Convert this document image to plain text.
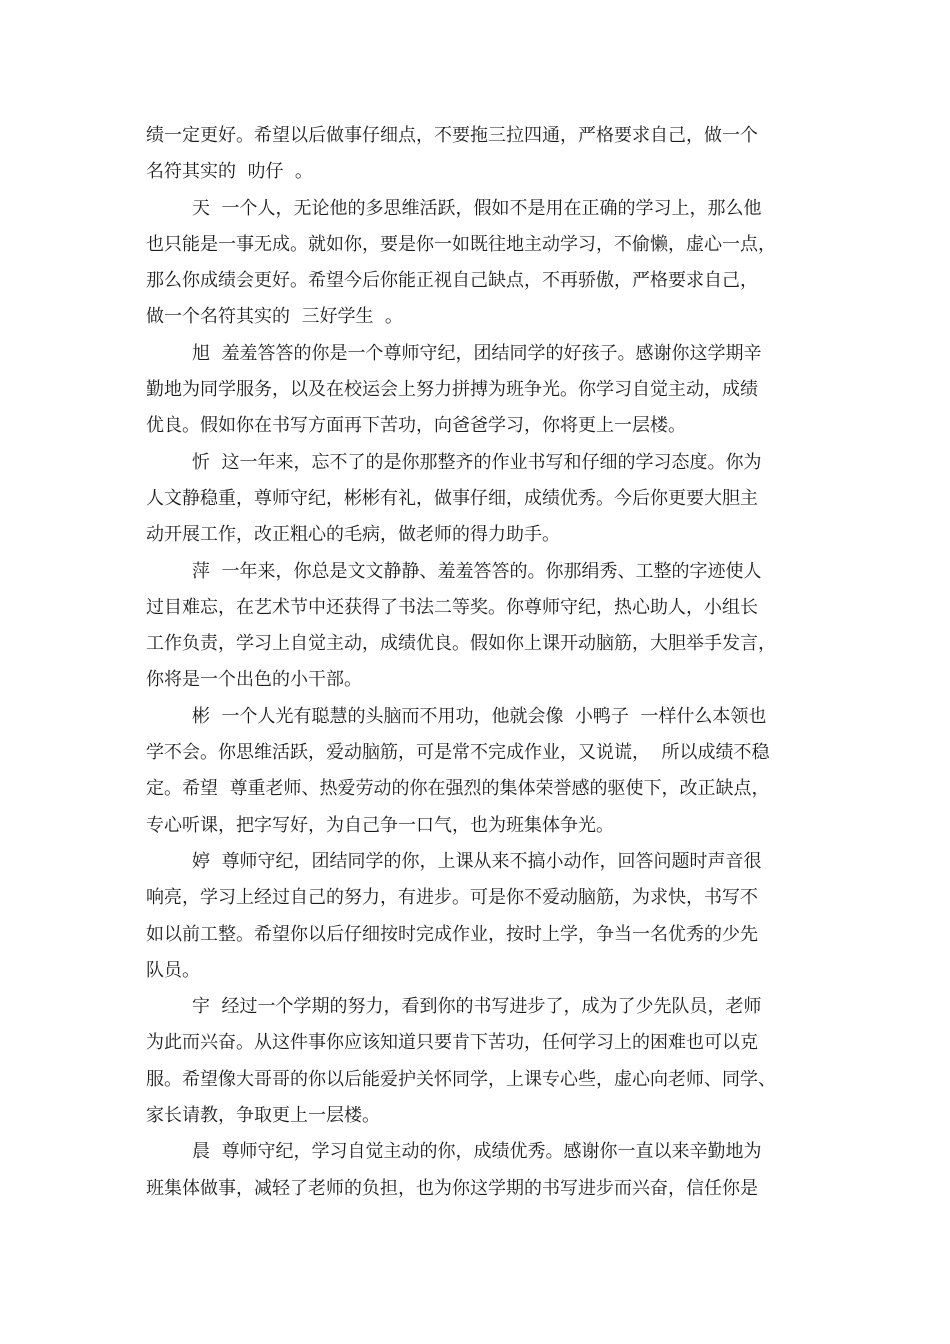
绩一定更好。希望以后做事仔细点，不要拖三拉四通，严格要求自己，做一个
名符其实的  叻仔  。

天  一个人，无论他的多思维活跃，假如不是用在正确的学习上，那么他
也只能是一事无成。就如你，要是你一如既往地主动学习，不偷懒，虚心一点，
那么你成绩会更好。希望今后你能正视自己缺点，不再骄傲，严格要求自己，
做一个名符其实的  三好学生  。

旭  羞羞答答的你是一个尊师守纪，团结同学的好孩子。感谢你这学期辛
勤地为同学服务，以及在校运会上努力拼搏为班争光。你学习自觉主动，成绩
优良。假如你在书写方面再下苦功，向爸爸学习，你将更上一层楼。

忻  这一年来，忘不了的是你那整齐的作业书写和仔细的学习态度。你为
人文静稳重，尊师守纪，彬彬有礼，做事仔细，成绩优秀。今后你更要大胆主
动开展工作，改正粗心的毛病，做老师的得力助手。

萍  一年来，你总是文文静静、羞羞答答的。你那绢秀、工整的字迹使人
过目难忘，在艺术节中还获得了书法二等奖。你尊师守纪，热心助人，小组长
工作负责，学习上自觉主动，成绩优良。假如你上课开动脑筋，大胆举手发言，
你将是一个出色的小干部。

彬  一个人光有聪慧的头脑而不用功，他就会像  小鸭子  一样什么本领也
学不会。你思维活跃，爱动脑筋，可是常不完成作业，又说谎，  所以成绩不稳
定。希望  尊重老师、热爱劳动的你在强烈的集体荣誉感的驱使下，改正缺点，
专心听课，把字写好，为自己争一口气，也为班集体争光。

婷  尊师守纪，团结同学的你，上课从来不搞小动作，回答问题时声音很
响亮，学习上经过自己的努力，有进步。可是你不爱动脑筋，为求快，书写不
如以前工整。希望你以后仔细按时完成作业，按时上学，争当一名优秀的少先
队员。

宇  经过一个学期的努力，看到你的书写进步了，成为了少先队员，老师
为此而兴奋。从这件事你应该知道只要肯下苦功，任何学习上的困难也可以克
服。希望像大哥哥的你以后能爱护关怀同学，上课专心些，虚心向老师、同学、
家长请教，争取更上一层楼。

晨  尊师守纪，学习自觉主动的你，成绩优秀。感谢你一直以来辛勤地为
班集体做事，减轻了老师的负担，也为你这学期的书写进步而兴奋，信任你是
